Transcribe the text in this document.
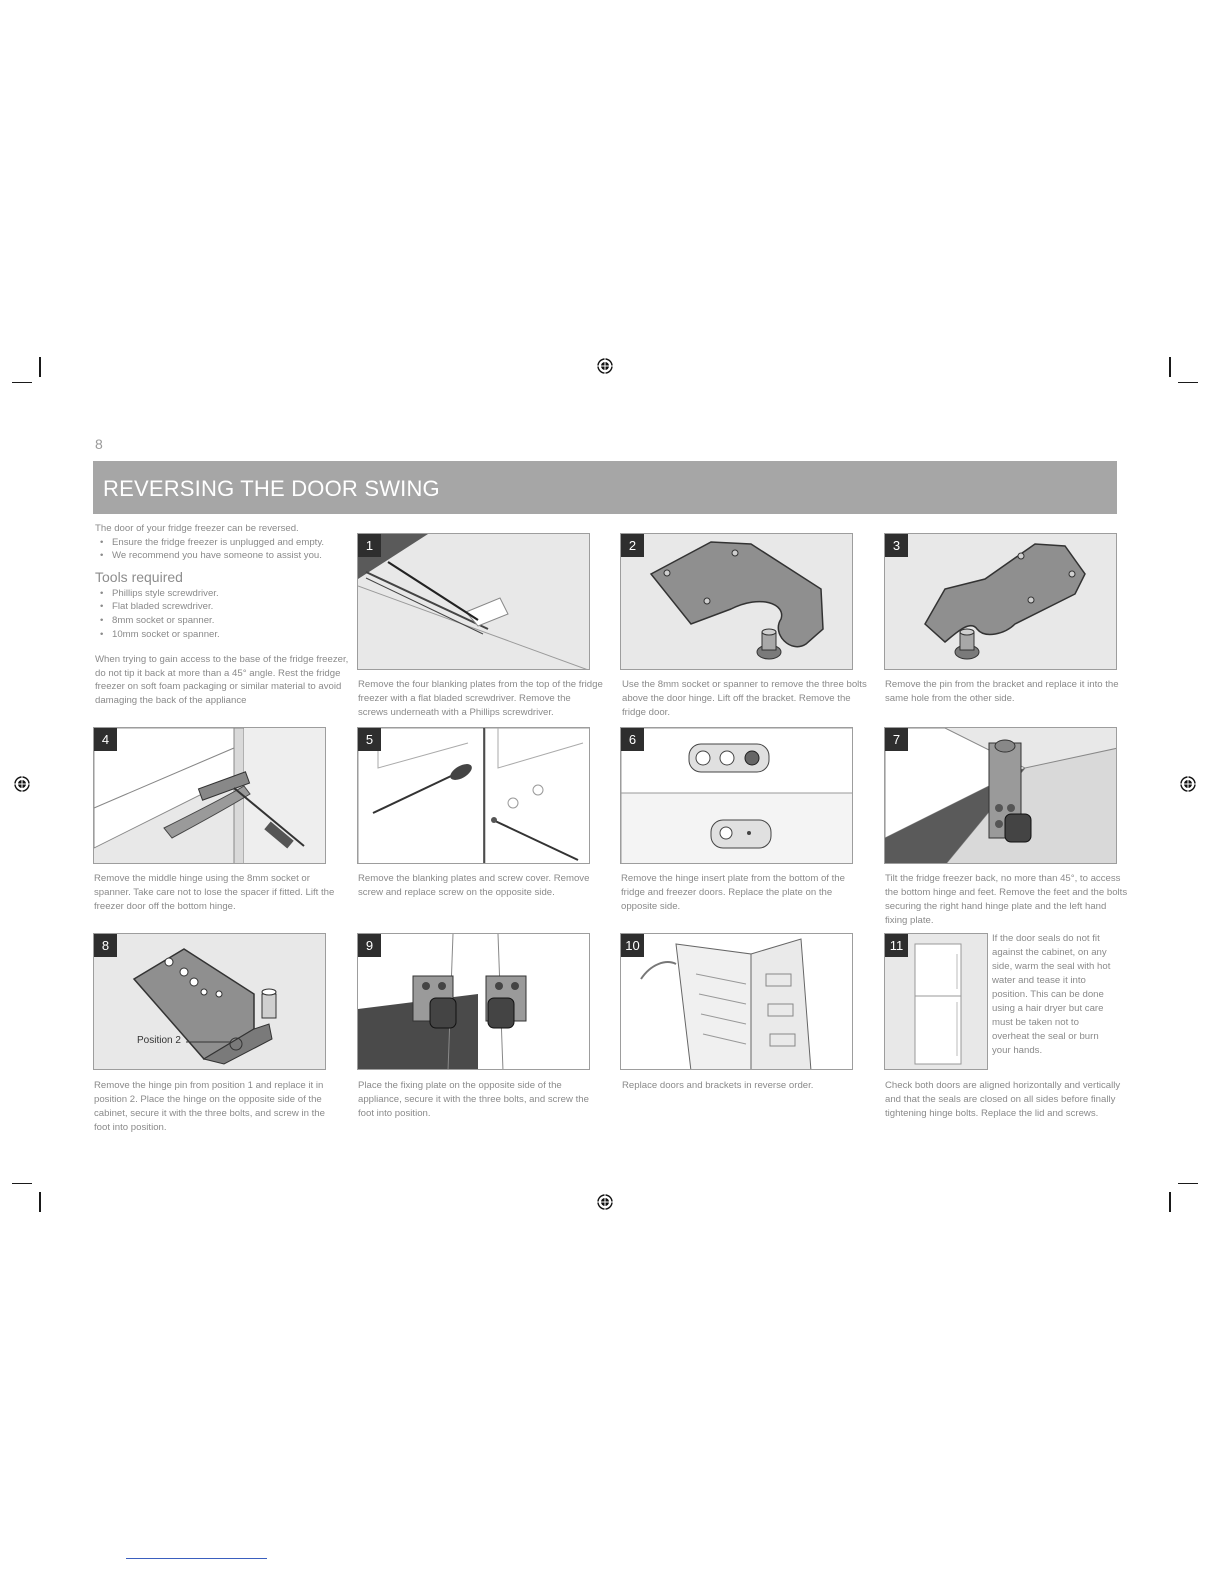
8
REVERSING THE DOOR SWING

The door of your fridge freezer can be reversed.

• Ensure the fridge freezer is unplugged and empty.
• We recommend you have someone to assist you.

Tools required

• Phillips style screwdriver.
• Flat bladed screwdriver.
• 8mm socket or spanner.
• 10mm socket or spanner.

When trying to gain access to the base of the fridge freezer, do not tip it back at more than a 45° angle. Rest the fridge freezer on soft foam packaging or similar material to avoid damaging the back of the appliance

1
Remove the four blanking plates from the top of the fridge freezer with a flat bladed screwdriver. Remove the screws underneath with a Phillips screwdriver.
2
Use the 8mm socket or spanner to remove the three bolts above the door hinge. Lift off the bracket. Remove the fridge door.
3
Remove the pin from the bracket and replace it into the same hole from the other side.
4
Remove the middle hinge using the 8mm socket or spanner. Take care not to lose the spacer if fitted. Lift the freezer door off the bottom hinge.
5
Remove the blanking plates and screw cover. Remove screw and replace screw on the opposite side.
6
Remove the hinge insert plate from the bottom of the fridge and freezer doors. Replace the plate on the opposite side.
7
Tilt the fridge freezer back, no more than 45°, to access the bottom hinge and feet. Remove the feet and the bolts securing the right hand hinge plate and the left hand fixing plate.
8
Position 2
Remove the hinge pin from position 1 and replace it in position 2. Place the hinge on the opposite side of the cabinet, secure it with the three bolts, and screw in the foot into position.
9
Place the fixing plate on the opposite side of the appliance, secure it with the three bolts, and screw the foot into position.
10
Replace doors and brackets in reverse order.
11	If the door seals do not fit against the cabinet, on any side, warm the seal with hot water and tease it into position. This can be done using a hair dryer but care must be taken not to overheat the seal or burn your hands.
Check both doors are aligned horizontally and vertically and that the seals are closed on all sides before finally tightening hinge bolts. Replace the lid and screws.
